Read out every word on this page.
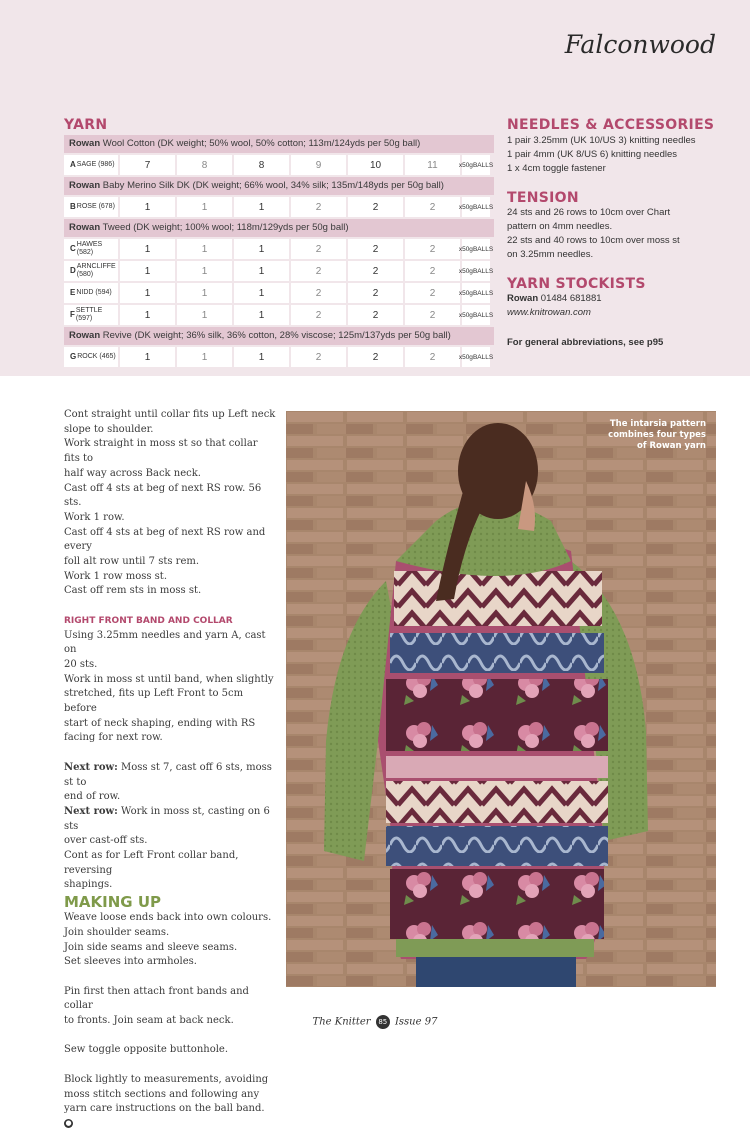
Falconwood
YARN
Rowan Wool Cotton (DK weight; 50% wool, 50% cotton; 113m/124yds per 50g ball)
A SAGE (986)	7	8	8	9	10	11	x50g BALLS
Rowan Baby Merino Silk DK (DK weight; 66% wool, 34% silk; 135m/148yds per 50g ball)
B ROSE (678)	1	1	1	2	2	2	x50g BALLS
Rowan Tweed (DK weight; 100% wool; 118m/129yds per 50g ball)
C HAWES (582)	1	1	1	2	2	2	x50g BALLS
D ARNCLIFFE (580)	1	1	1	2	2	2	x50g BALLS
E NIDD (594)	1	1	1	2	2	2	x50g BALLS
F SETTLE (597)	1	1	1	2	2	2	x50g BALLS
Rowan Revive (DK weight; 36% silk, 36% cotton, 28% viscose; 125m/137yds per 50g ball)
G ROCK (465)	1	1	1	2	2	2	x50g BALLS
NEEDLES & ACCESSORIES

1 pair 3.25mm (UK 10/US 3) knitting needles

1 pair 4mm (UK 8/US 6) knitting needles

1 x 4cm toggle fastener

TENSION

24 sts and 26 rows to 10cm over Chart

pattern on 4mm needles.

22 sts and 40 rows to 10cm over moss st

on 3.25mm needles.

YARN STOCKISTS

Rowan 01484 681881

www.knitrowan.com

For general abbreviations, see p95

Cont straight until collar fits up Left neck

slope to shoulder.

Work straight in moss st so that collar fits to

half way across Back neck.

Cast off 4 sts at beg of next RS row. 56 sts.

Work 1 row.

Cast off 4 sts at beg of next RS row and every

foll alt row until 7 sts rem.

Work 1 row moss st.

Cast off rem sts in moss st.

RIGHT FRONT BAND AND COLLAR

Using 3.25mm needles and yarn A, cast on

20 sts.

Work in moss st until band, when slightly

stretched, fits up Left Front to 5cm before

start of neck shaping, ending with RS

facing for next row.

Next row: Moss st 7, cast off 6 sts, moss st to

end of row.

Next row: Work in moss st, casting on 6 sts

over cast-off sts.

Cont as for Left Front collar band, reversing

shapings.

MAKING UP

Weave loose ends back into own colours.

Join shoulder seams.

Join side seams and sleeve seams.

Set sleeves into armholes.

Pin first then attach front bands and collar

to fronts. Join seam at back neck.

Sew toggle opposite buttonhole.

Block lightly to measurements, avoiding

moss stitch sections and following any

yarn care instructions on the ball band. ●

The intarsia pattern
combines four types
of Rowan yarn
The Knitter 85 Issue 97
